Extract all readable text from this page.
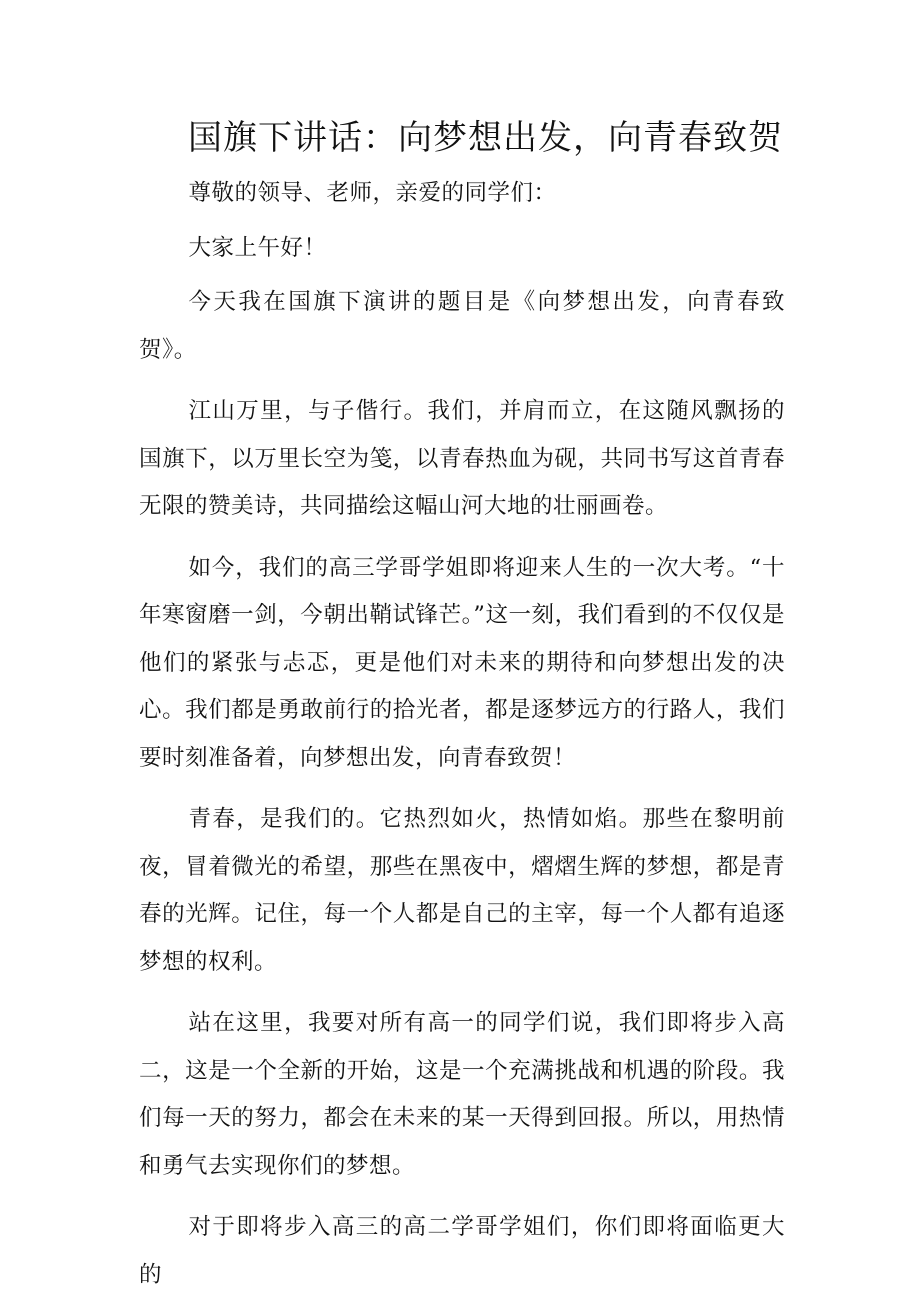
国旗下讲话：向梦想出发，向青春致贺

尊敬的领导、老师，亲爱的同学们：

大家上午好！

今天我在国旗下演讲的题目是《向梦想出发，向青春致贺》。

江山万里，与子偕行。我们，并肩而立，在这随风飘扬的国旗下，以万里长空为笺，以青春热血为砚，共同书写这首青春无限的赞美诗，共同描绘这幅山河大地的壮丽画卷。

如今，我们的高三学哥学姐即将迎来人生的一次大考。“十年寒窗磨一剑，今朝出鞘试锋芒。”这一刻，我们看到的不仅仅是他们的紧张与忐忑，更是他们对未来的期待和向梦想出发的决心。我们都是勇敢前行的拾光者，都是逐梦远方的行路人，我们要时刻准备着，向梦想出发，向青春致贺！

青春，是我们的。它热烈如火，热情如焰。那些在黎明前夜，冒着微光的希望，那些在黑夜中，熠熠生辉的梦想，都是青春的光辉。记住，每一个人都是自己的主宰，每一个人都有追逐梦想的权利。

站在这里，我要对所有高一的同学们说，我们即将步入高二，这是一个全新的开始，这是一个充满挑战和机遇的阶段。我们每一天的努力，都会在未来的某一天得到回报。所以，用热情和勇气去实现你们的梦想。

对于即将步入高三的高二学哥学姐们，你们即将面临更大的
